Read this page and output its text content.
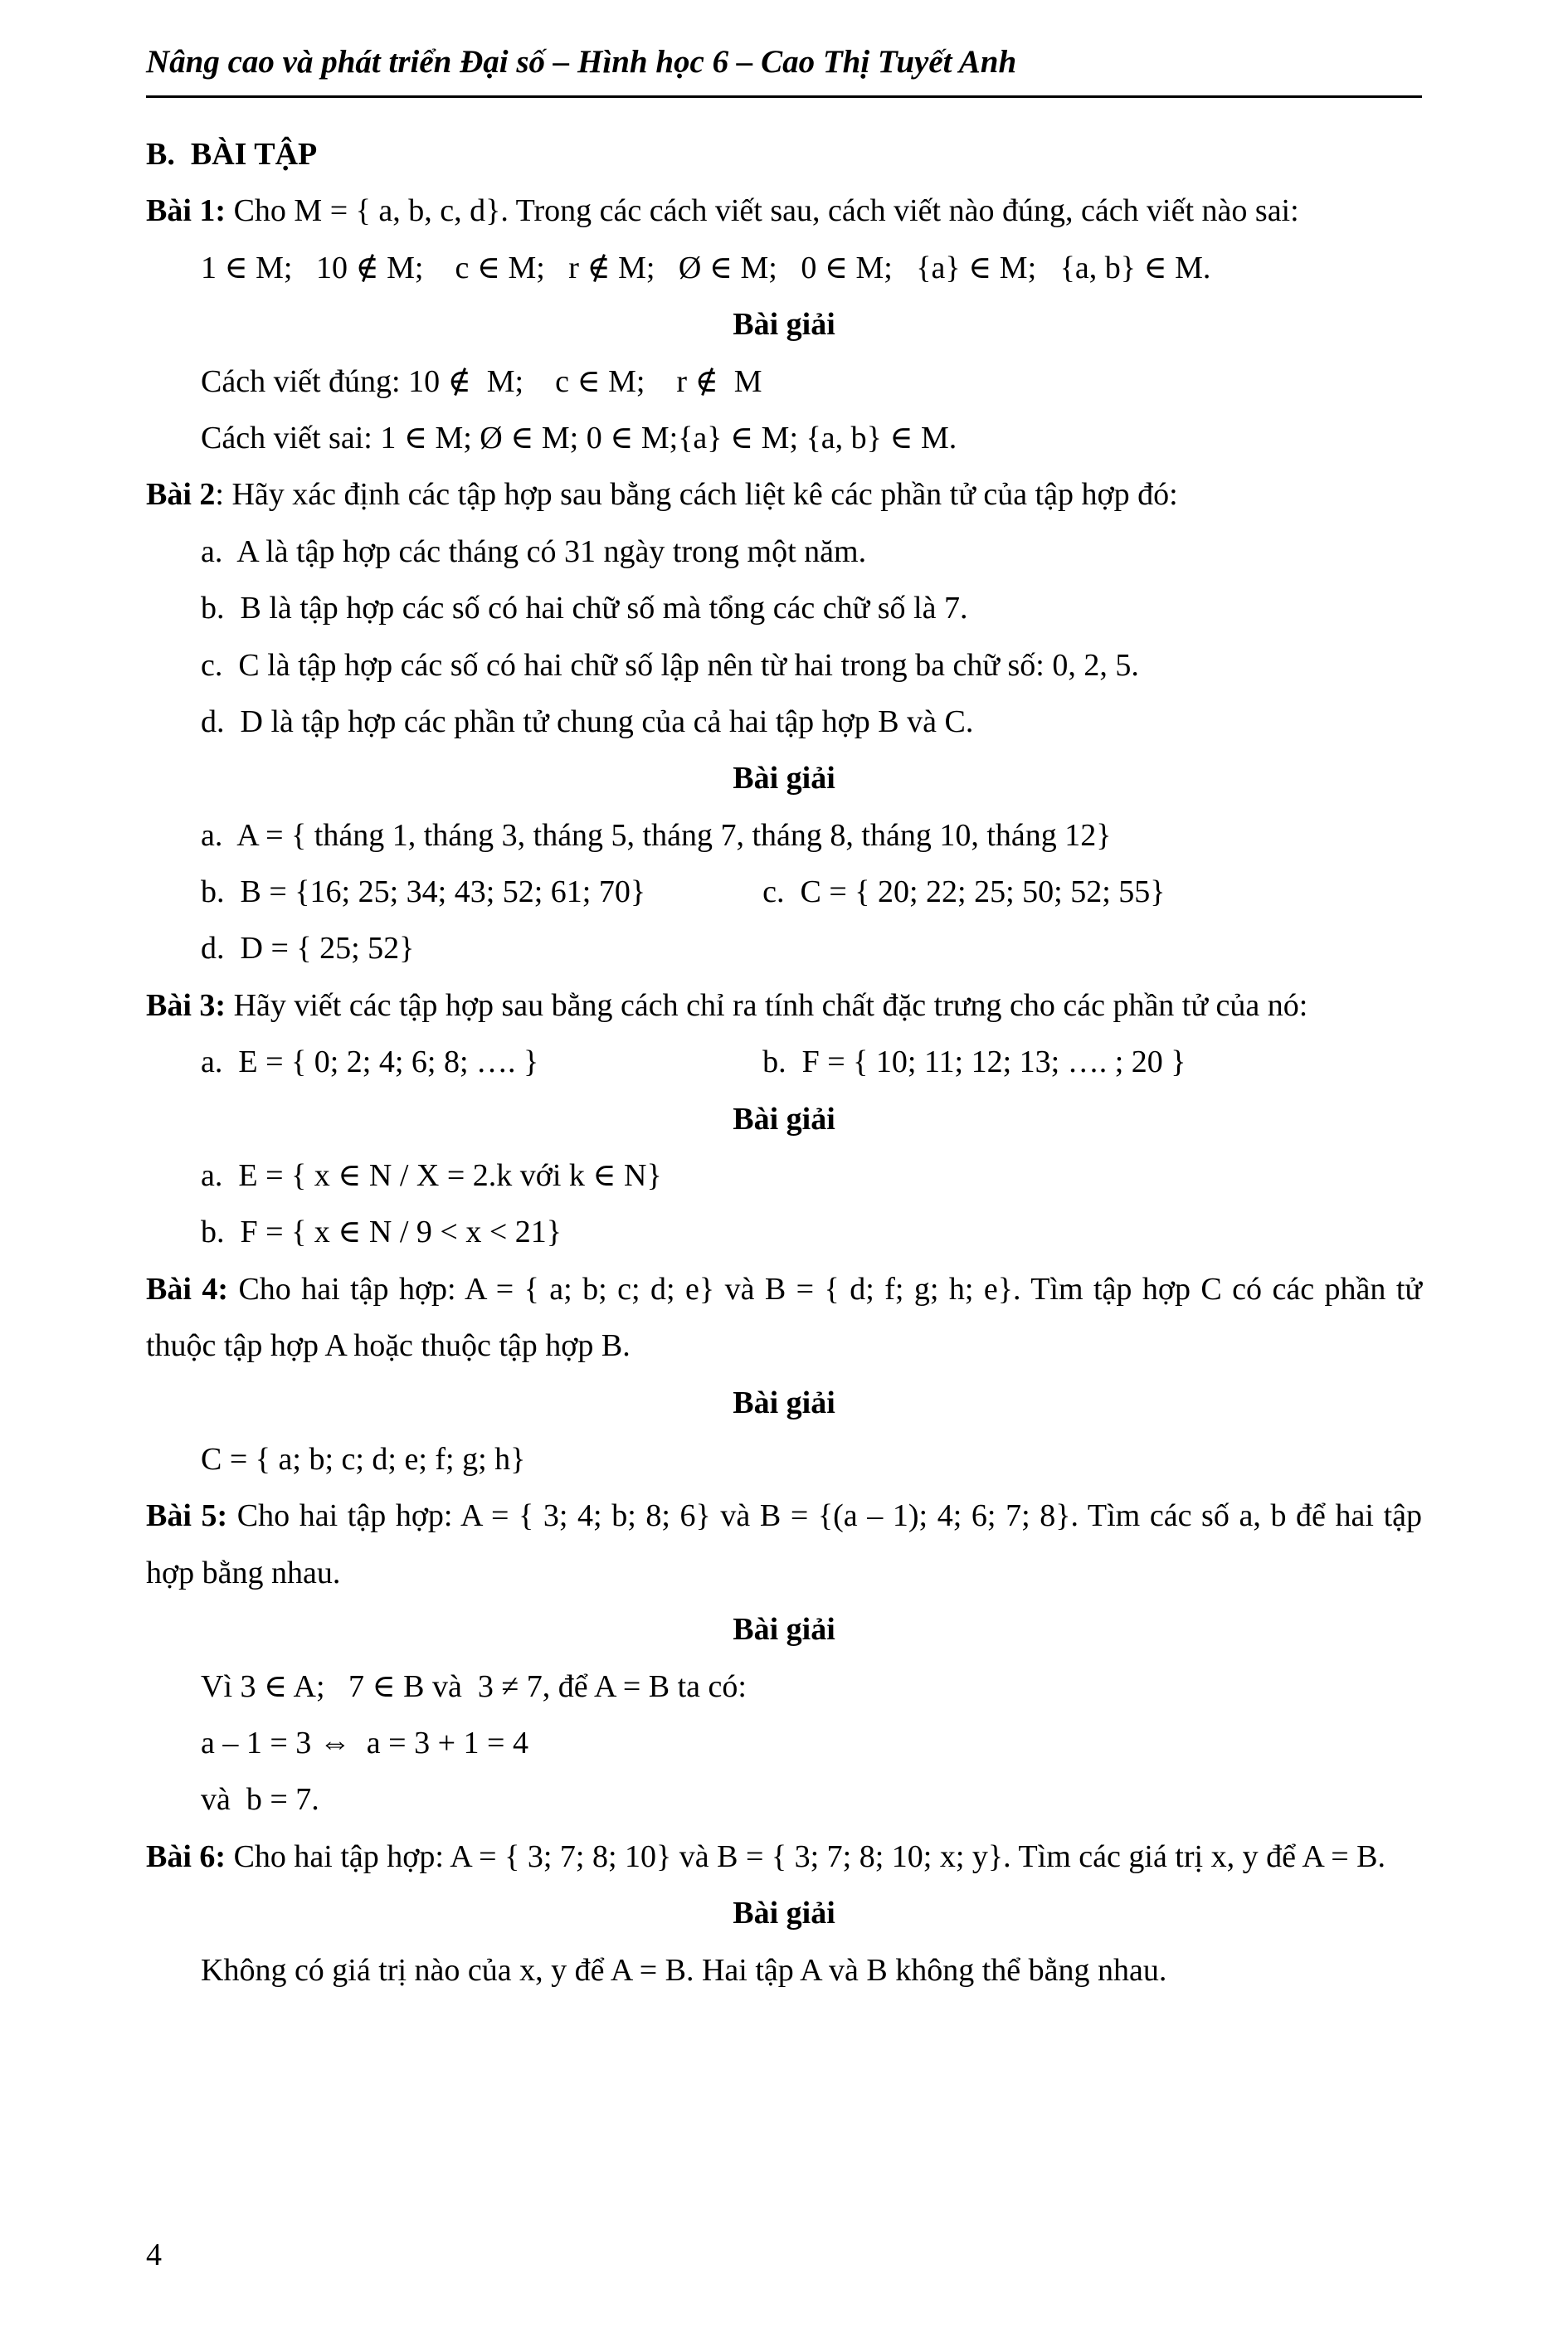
Nâng cao và phát triển Đại số – Hình học 6 – Cao Thị Tuyết Anh

B.  BÀI TẬP

Bài 1: Cho M = { a, b, c, d}. Trong các cách viết sau, cách viết nào đúng, cách viết nào sai:

1 ∈ M;   10 ∉ M;    c ∈ M;   r ∉ M;   Ø ∈ M;   0 ∈ M;   {a} ∈ M;   {a, b} ∈ M.

Bài giải

Cách viết đúng: 10 ∉  M;    c ∈ M;    r ∉  M

Cách viết sai: 1 ∈ M; Ø ∈ M; 0 ∈ M;{a} ∈ M; {a, b} ∈ M.

Bài 2: Hãy xác định các tập hợp sau bằng cách liệt kê các phần tử của tập hợp đó:

a.  A là tập hợp các tháng có 31 ngày trong một năm.

b.  B là tập hợp các số có hai chữ số mà tổng các chữ số là 7.

c.  C là tập hợp các số có hai chữ số lập nên từ hai trong ba chữ số: 0, 2, 5.

d.  D là tập hợp các phần tử chung của cả hai tập hợp B và C.

Bài giải

a.  A = { tháng 1, tháng 3, tháng 5, tháng 7, tháng 8, tháng 10, tháng 12}

b.  B = {16; 25; 34; 43; 52; 61; 70}	c.  C = { 20; 22; 25; 50; 52; 55}

d.  D = { 25; 52}

Bài 3: Hãy viết các tập hợp sau bằng cách chỉ ra tính chất đặc trưng cho các phần tử của nó:

a.  E = { 0; 2; 4; 6; 8; …. }	b.  F = { 10; 11; 12; 13; …. ; 20 }

Bài giải

a.  E = { x ∈ N / X = 2.k với k ∈ N}

b.  F = { x ∈ N / 9 < x < 21}

Bài 4: Cho hai tập hợp: A = { a; b; c; d; e} và B = { d; f; g; h; e}. Tìm tập hợp C có các phần tử thuộc tập hợp A hoặc thuộc tập hợp B.

Bài giải

C = { a; b; c; d; e; f; g; h}

Bài 5: Cho hai tập hợp: A = { 3; 4; b; 8; 6} và B = {(a – 1); 4; 6; 7; 8}. Tìm các số a, b để hai tập hợp bằng nhau.

Bài giải

Vì 3 ∈ A;   7 ∈ B và  3 ≠ 7, để A = B ta có:

a – 1 = 3 ⇔  a = 3 + 1 = 4

và  b = 7.

Bài 6: Cho hai tập hợp: A = { 3; 7; 8; 10} và B = { 3; 7; 8; 10; x; y}. Tìm các giá trị x, y để A = B.

Bài giải

Không có giá trị nào của x, y để A = B. Hai tập A và B không thể bằng nhau.

4
